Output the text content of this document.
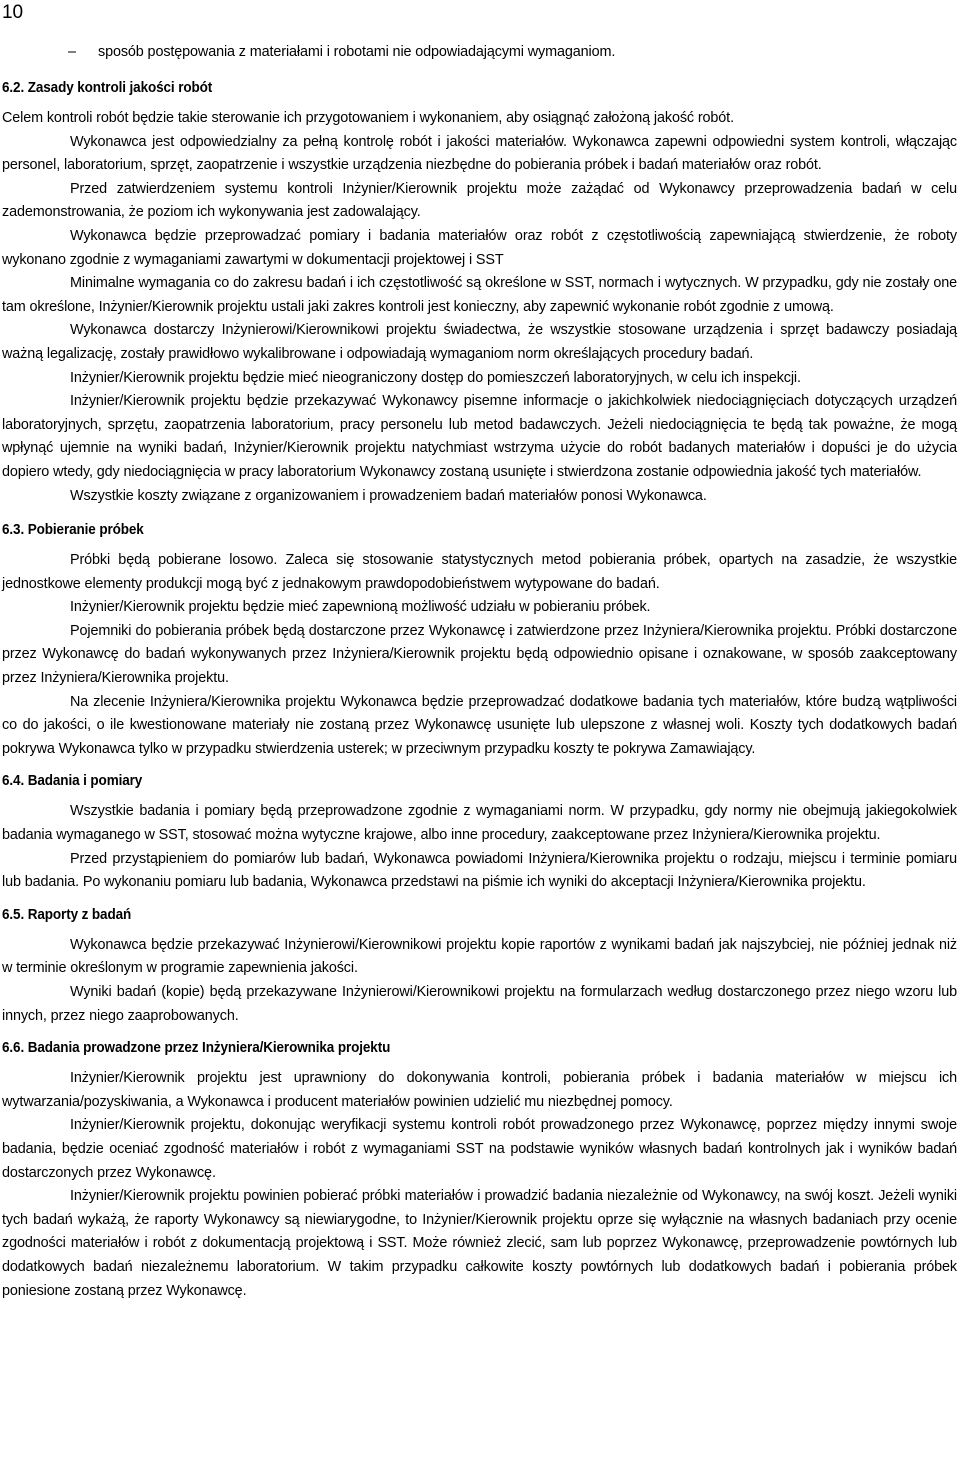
10
–	sposób postępowania z materiałami i robotami nie odpowiadającymi wymaganiom.
6.2. Zasady kontroli jakości robót

Celem kontroli robót będzie takie sterowanie ich przygotowaniem i wykonaniem, aby osiągnąć założoną jakość robót.

Wykonawca jest odpowiedzialny za pełną kontrolę robót i jakości materiałów. Wykonawca zapewni odpowiedni system kontroli, włączając personel, laboratorium, sprzęt, zaopatrzenie i wszystkie urządzenia niezbędne do pobierania próbek i badań materiałów oraz robót.

Przed zatwierdzeniem systemu kontroli Inżynier/Kierownik projektu może zażądać od Wykonawcy przeprowadzenia badań w celu zademonstrowania, że poziom ich wykonywania jest zadowalający.

Wykonawca będzie przeprowadzać pomiary i badania materiałów oraz robót z częstotliwością zapewniającą stwierdzenie, że roboty wykonano zgodnie z wymaganiami zawartymi w dokumentacji projektowej i SST

Minimalne wymagania co do zakresu badań i ich częstotliwość są określone w SST, normach i wytycznych. W przypadku, gdy nie zostały one tam określone, Inżynier/Kierownik projektu ustali jaki zakres kontroli jest konieczny, aby zapewnić wykonanie robót zgodnie z umową.

Wykonawca dostarczy Inżynierowi/Kierownikowi projektu świadectwa, że wszystkie stosowane urządzenia i sprzęt badawczy posiadają ważną legalizację, zostały prawidłowo wykalibrowane i odpowiadają wymaganiom norm określających procedury badań.

Inżynier/Kierownik projektu będzie mieć nieograniczony dostęp do pomieszczeń laboratoryjnych, w celu ich inspekcji.

Inżynier/Kierownik projektu będzie przekazywać Wykonawcy pisemne informacje o jakichkolwiek niedociągnięciach dotyczących urządzeń laboratoryjnych, sprzętu, zaopatrzenia laboratorium, pracy personelu lub metod badawczych. Jeżeli niedociągnięcia te będą tak poważne, że mogą wpłynąć ujemnie na wyniki badań, Inżynier/Kierownik projektu natychmiast wstrzyma użycie do robót badanych materiałów i dopuści je do użycia dopiero wtedy, gdy niedociągnięcia w pracy laboratorium Wykonawcy zostaną usunięte i stwierdzona zostanie odpowiednia jakość tych materiałów.

Wszystkie koszty związane z organizowaniem i prowadzeniem badań materiałów ponosi Wykonawca.

6.3. Pobieranie próbek

Próbki będą pobierane losowo. Zaleca się stosowanie statystycznych metod pobierania próbek, opartych na zasadzie, że wszystkie jednostkowe elementy produkcji mogą być z jednakowym prawdopodobieństwem wytypowane do badań.

Inżynier/Kierownik projektu będzie mieć zapewnioną możliwość udziału w pobieraniu próbek.

Pojemniki do pobierania próbek będą dostarczone przez Wykonawcę i zatwierdzone przez Inżyniera/Kierownika projektu. Próbki dostarczone przez Wykonawcę do badań wykonywanych przez Inżyniera/Kierownik projektu będą odpowiednio opisane i oznakowane, w sposób zaakceptowany przez Inżyniera/Kierownika projektu.

Na zlecenie Inżyniera/Kierownika projektu Wykonawca będzie przeprowadzać dodatkowe badania tych materiałów, które budzą wątpliwości co do jakości, o ile kwestionowane materiały nie zostaną przez Wykonawcę usunięte lub ulepszone z własnej woli. Koszty tych dodatkowych badań pokrywa Wykonawca tylko w przypadku stwierdzenia usterek; w przeciwnym przypadku koszty te pokrywa Zamawiający.

6.4. Badania i pomiary

Wszystkie badania i pomiary będą przeprowadzone zgodnie z wymaganiami norm. W przypadku, gdy normy nie obejmują jakiegokolwiek badania wymaganego w SST, stosować można wytyczne krajowe, albo inne procedury, zaakceptowane przez Inżyniera/Kierownika projektu.

Przed przystąpieniem do pomiarów lub badań, Wykonawca powiadomi Inżyniera/Kierownika projektu o rodzaju, miejscu i terminie pomiaru lub badania. Po wykonaniu pomiaru lub badania, Wykonawca przedstawi na piśmie ich wyniki do akceptacji Inżyniera/Kierownika projektu.

6.5. Raporty z badań

Wykonawca będzie przekazywać Inżynierowi/Kierownikowi projektu kopie raportów z wynikami badań jak najszybciej, nie później jednak niż w terminie określonym w programie zapewnienia jakości.

Wyniki badań (kopie) będą przekazywane Inżynierowi/Kierownikowi projektu na formularzach według dostarczonego przez niego wzoru lub innych, przez niego zaaprobowanych.

6.6. Badania prowadzone przez Inżyniera/Kierownika projektu

Inżynier/Kierownik projektu jest uprawniony do dokonywania kontroli, pobierania próbek i badania materiałów w miejscu ich wytwarzania/pozyskiwania, a Wykonawca i producent materiałów powinien udzielić mu niezbędnej pomocy.

Inżynier/Kierownik projektu, dokonując weryfikacji systemu kontroli robót prowadzonego przez Wykonawcę, poprzez między innymi swoje badania, będzie oceniać zgodność materiałów i robót z wymaganiami SST na podstawie wyników własnych badań kontrolnych jak i wyników badań dostarczonych przez Wykonawcę.

Inżynier/Kierownik projektu powinien pobierać próbki materiałów i prowadzić badania niezależnie od Wykonawcy, na swój koszt. Jeżeli wyniki tych badań wykażą, że raporty Wykonawcy są niewiarygodne, to Inżynier/Kierownik projektu oprze się wyłącznie na własnych badaniach przy ocenie zgodności materiałów i robót z dokumentacją projektową i SST. Może również zlecić, sam lub poprzez Wykonawcę, przeprowadzenie powtórnych lub dodatkowych badań niezależnemu laboratorium. W takim przypadku całkowite koszty powtórnych lub dodatkowych badań i pobierania próbek poniesione zostaną przez Wykonawcę.
